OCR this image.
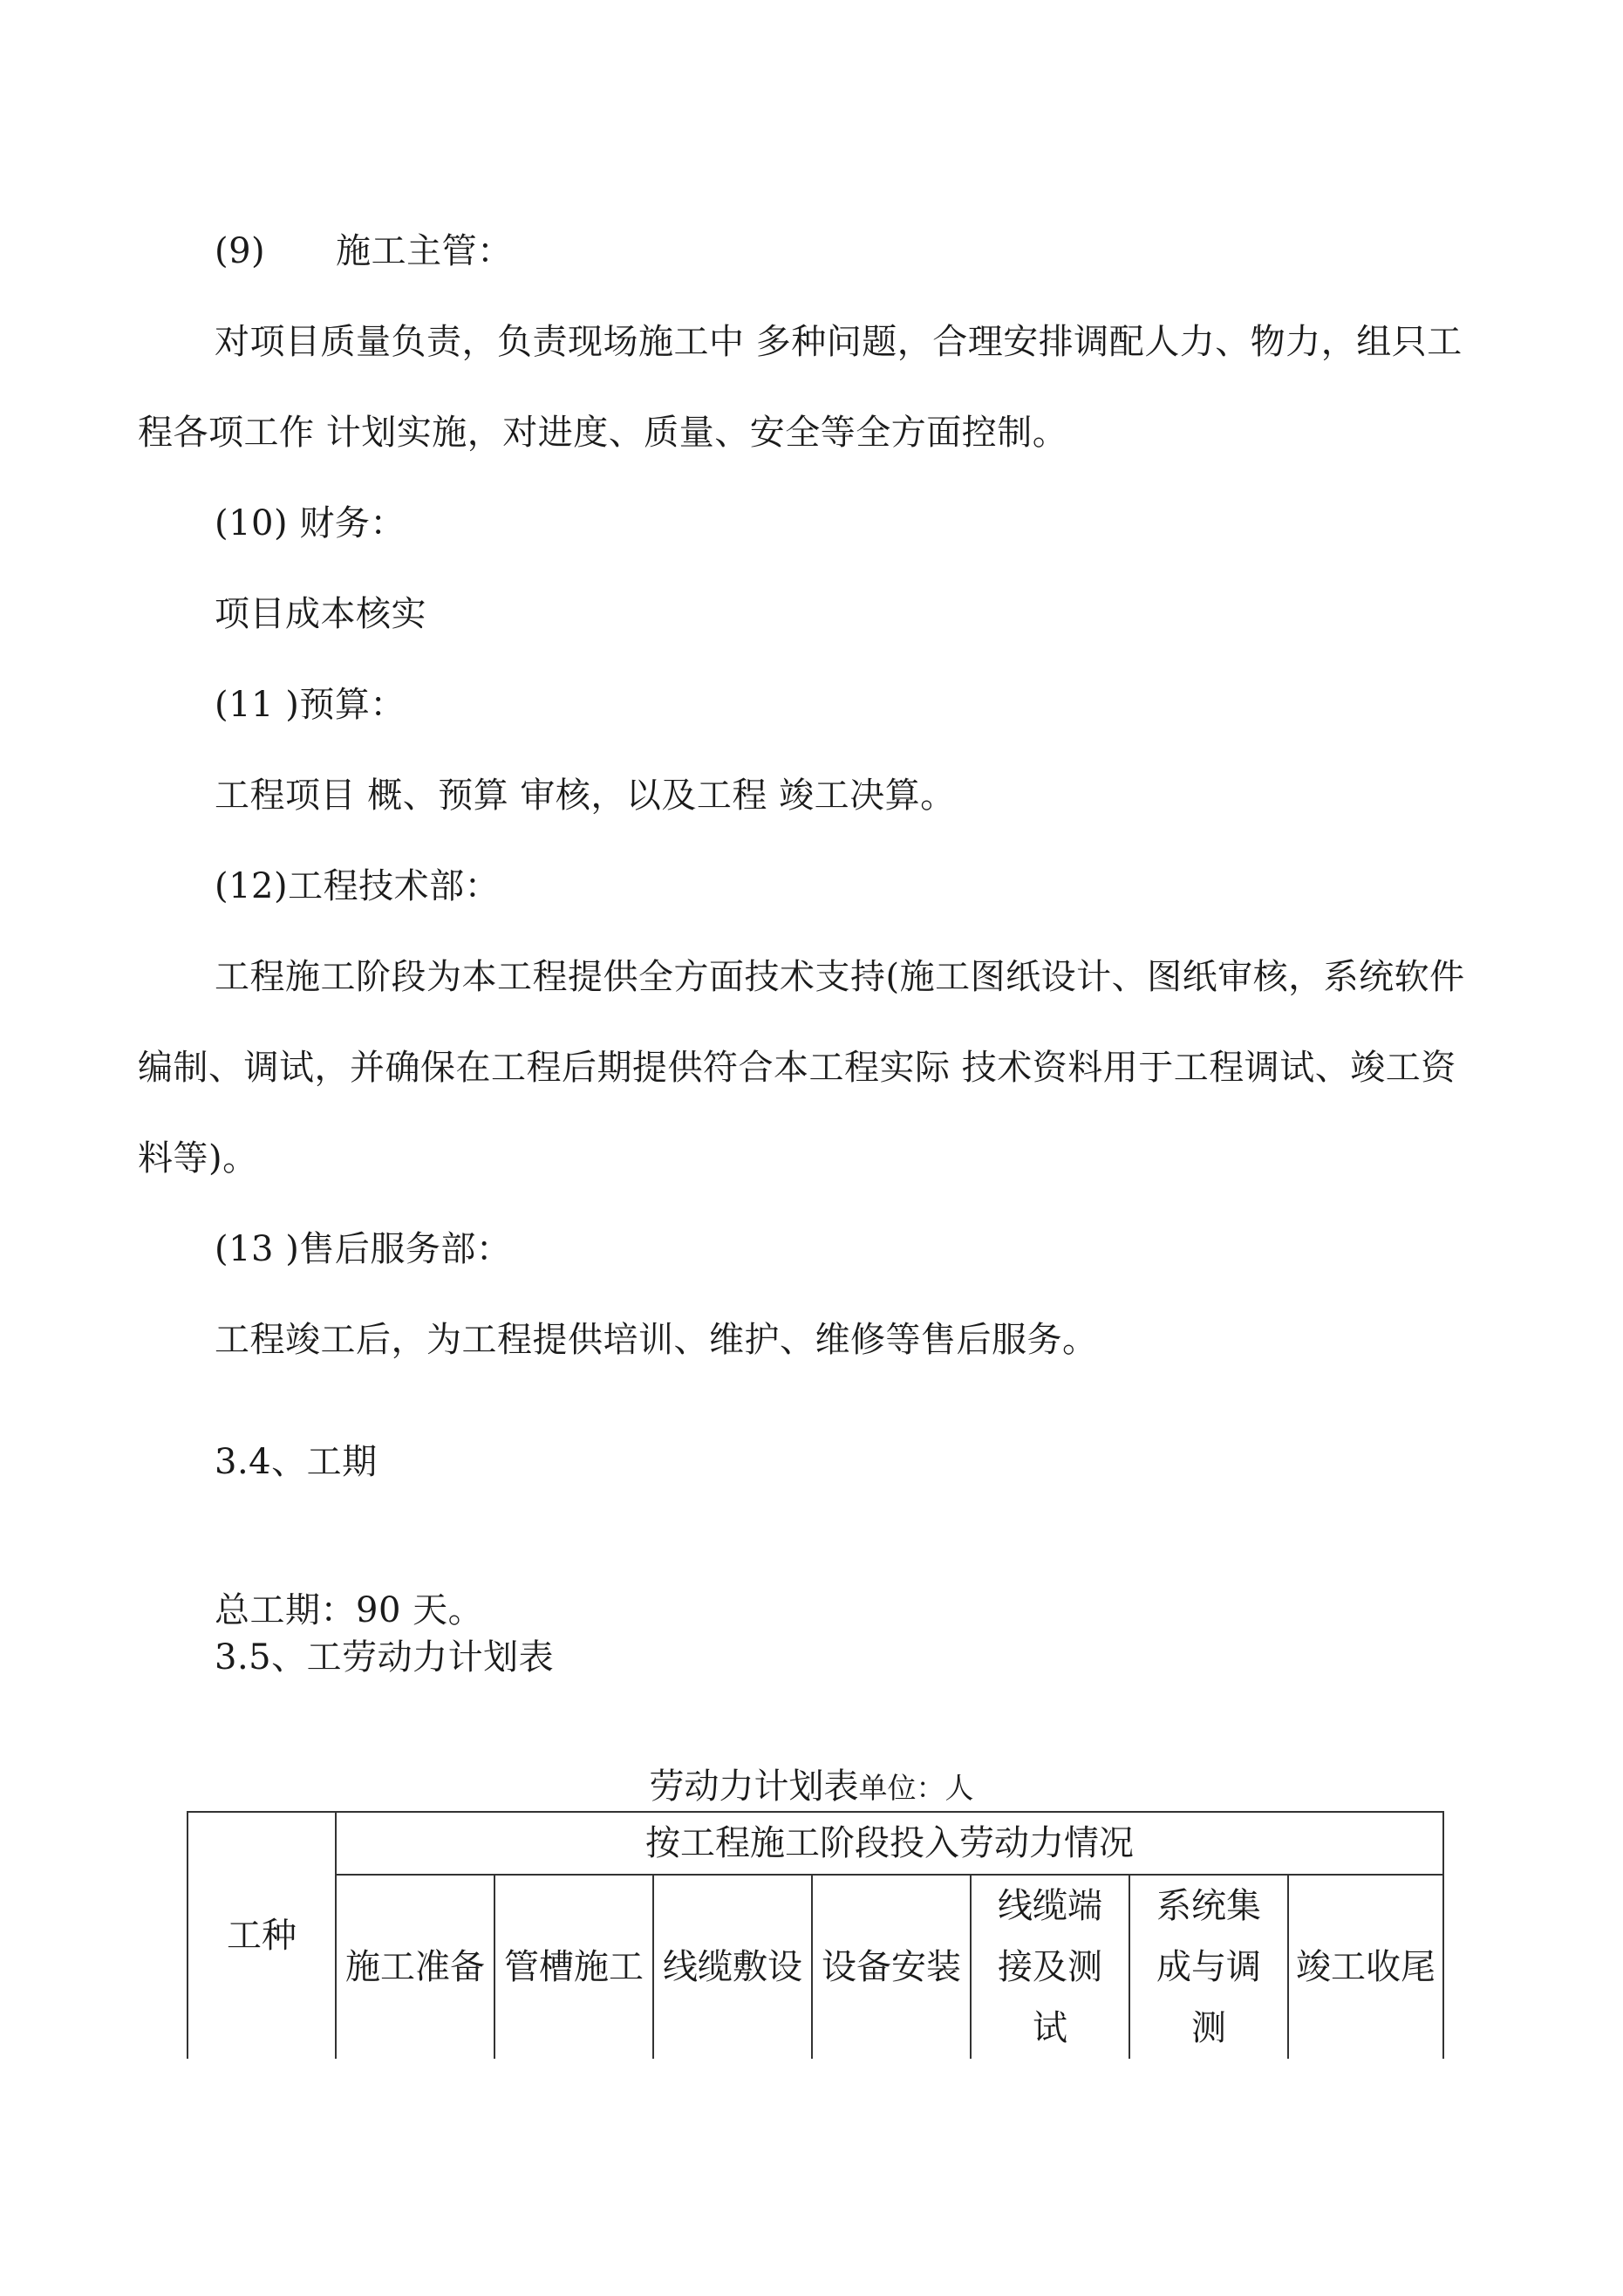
(9)　　施工主管：
对项目质量负责，负责现场施工中 多种问题，合理安排调配人力、物力，组只工
程各项工作 计划实施，对进度、质量、安全等全方面控制。
(10) 财务：
项目成本核实
(11 )预算：
工程项目 概、预算 审核，以及工程 竣工决算。
(12)工程技术部：
工程施工阶段为本工程提供全方面技术支持(施工图纸设计、图纸审核，系统软件
编制、调试，并确保在工程后期提供符合本工程实际 技术资料用于工程调试、竣工资
料等)。
(13 )售后服务部：
工程竣工后，为工程提供培训、维护、维修等售后服务。
3.4、工期
总工期：90 天。
3.5、工劳动力计划表
劳动力计划表单位：人
工种	按工程施工阶段投入劳动力情况						
	施工准备	管槽施工	线缆敷设	设备安装	线缆端接及测试	系统集成与调测	竣工收尾
